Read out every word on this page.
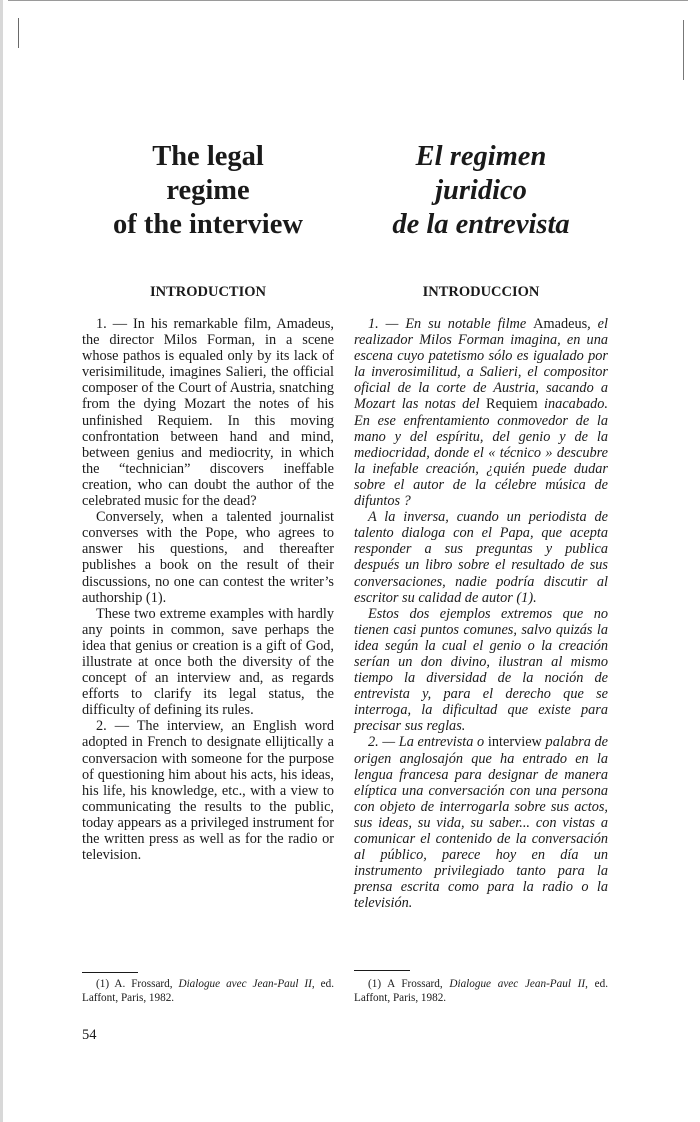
The legal
regime
of the interview
INTRODUCTION

1. — In his remarkable film, Amadeus, the director Milos Forman, in a scene whose pathos is equaled only by its lack of verisimilitude, imagines Salieri, the official composer of the Court of Austria, snatching from the dying Mozart the notes of his unfinished Requiem. In this moving confrontation between hand and mind, between genius and mediocrity, in which the “technician” discovers ineffable creation, who can doubt the author of the celebrated music for the dead?

Conversely, when a talented journalist converses with the Pope, who agrees to answer his questions, and thereafter publishes a book on the result of their discussions, no one can contest the writer’s authorship (1).

These two extreme examples with hardly any points in common, save perhaps the idea that genius or creation is a gift of God, illustrate at once both the diversity of the concept of an interview and, as regards efforts to clarify its legal status, the difficulty of defining its rules.

2. — The interview, an English word adopted in French to designate ellijtically a conversacion with someone for the purpose of questioning him about his acts, his ideas, his life, his knowledge, etc., with a view to communicating the results to the public, today appears as a privileged instrument for the written press as well as for the radio or television.

(1) A. Frossard, Dialogue avec Jean-Paul II, ed. Laffont, Paris, 1982.

54

El regimen
juridico
de la entrevista
INTRODUCCION

1. — En su notable filme Amadeus, el realizador Milos Forman imagina, en una escena cuyo patetismo sólo es igualado por la inverosimilitud, a Salieri, el compositor oficial de la corte de Austria, sacando a Mozart las notas del Requiem inacabado. En ese enfrentamiento conmovedor de la mano y del espíritu, del genio y de la mediocridad, donde el « técnico » descubre la inefable creación, ¿quién puede dudar sobre el autor de la célebre música de difuntos ?

A la inversa, cuando un periodista de talento dialoga con el Papa, que acepta responder a sus preguntas y publica después un libro sobre el resultado de sus conversaciones, nadie podría discutir al escritor su calidad de autor (1).

Estos dos ejemplos extremos que no tienen casi puntos comunes, salvo quizás la idea según la cual el genio o la creación serían un don divino, ilustran al mismo tiempo la diversidad de la noción de entrevista y, para el derecho que se interroga, la dificultad que existe para precisar sus reglas.

2. — La entrevista o interview palabra de origen anglosajón que ha entrado en la lengua francesa para designar de manera elíptica una conversación con una persona con objeto de interrogarla sobre sus actos, sus ideas, su vida, su saber... con vistas a comunicar el contenido de la conversación al público, parece hoy en día un instrumento privilegiado tanto para la prensa escrita como para la radio o la televisión.

(1) A Frossard, Dialogue avec Jean-Paul II, ed. Laffont, Paris, 1982.
